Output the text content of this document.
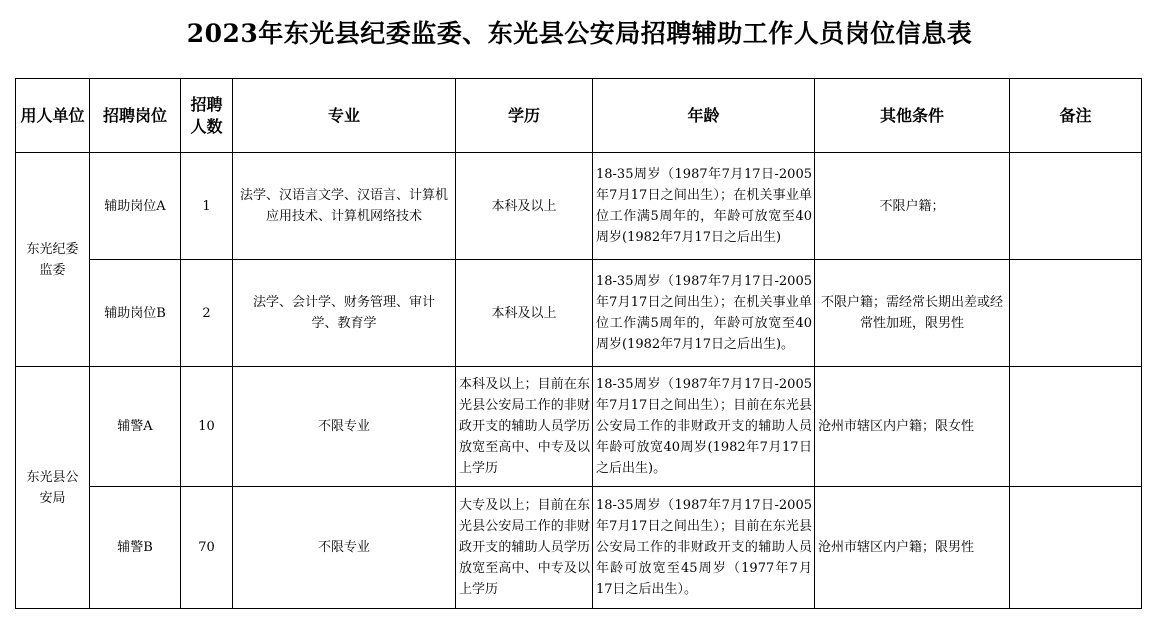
2023年东光县纪委监委、东光县公安局招聘辅助工作人员岗位信息表
用人单位	招聘岗位	招聘人数	专业	学历	年龄	其他条件	备注
东光纪委监委	辅助岗位A	1	法学、汉语言文学、汉语言、计算机应用技术、计算机网络技术	本科及以上	18-35周岁（1987年7月17日-2005年7月17日之间出生）；在机关事业单位工作满5周年的，年龄可放宽至40周岁(1982年7月17日之后出生)	不限户籍；	
	辅助岗位B	2	法学、会计学、财务管理、审计学、教育学	本科及以上	18-35周岁（1987年7月17日-2005年7月17日之间出生）；在机关事业单位工作满5周年的，年龄可放宽至40周岁(1982年7月17日之后出生)。	不限户籍；需经常长期出差或经常性加班，限男性	
东光县公安局	辅警A	10	不限专业	本科及以上；目前在东光县公安局工作的非财政开支的辅助人员学历放宽至高中、中专及以上学历	18-35周岁（1987年7月17日-2005年7月17日之间出生）；目前在东光县公安局工作的非财政开支的辅助人员年龄可放宽40周岁(1982年7月17日之后出生)。	沧州市辖区内户籍；限女性	
	辅警B	70	不限专业	大专及以上；目前在东光县公安局工作的非财政开支的辅助人员学历放宽至高中、中专及以上学历	18-35周岁（1987年7月17日-2005年7月17日之间出生）；目前在东光县公安局工作的非财政开支的辅助人员年龄可放宽至45周岁（1977年7月17日之后出生）。	沧州市辖区内户籍；限男性	
